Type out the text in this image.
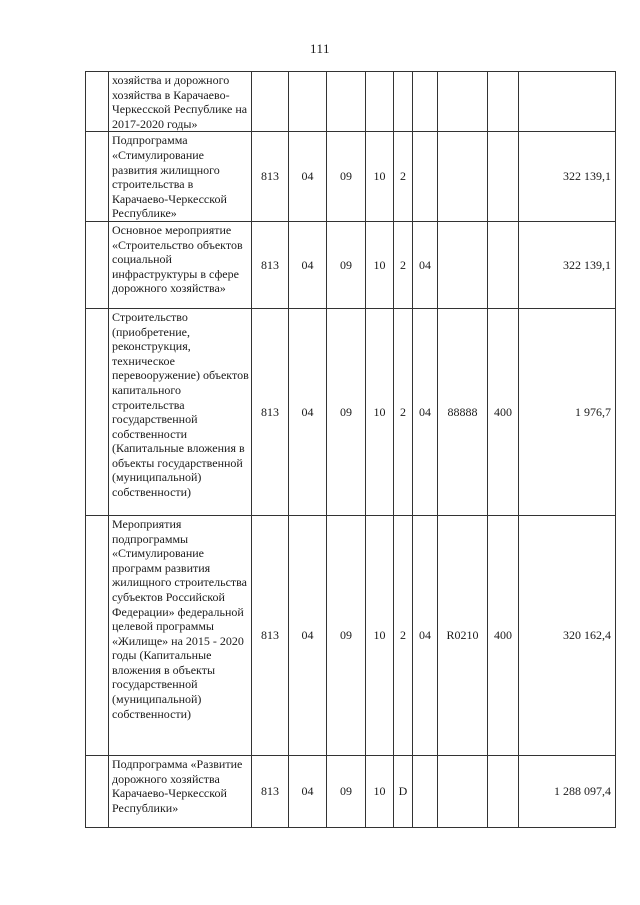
111
	хозяйства и дорожного хозяйства в Карачаево-Черкесской Республике на 2017-2020 годы»									
	Подпрограмма «Стимулирование развития жилищного строительства в Карачаево-Черкесской Республике»	813	04	09	10	2				322 139,1
	Основное мероприятие «Строительство объектов социальной инфраструктуры в сфере дорожного хозяйства»	813	04	09	10	2	04			322 139,1
	Строительство (приобретение, реконструкция, техническое перевооружение) объектов капитального строительства государственной собственности (Капитальные вложения в объекты государственной (муниципальной) собственности)	813	04	09	10	2	04	88888	400	1 976,7
	Мероприятия подпрограммы «Стимулирование программ развития жилищного строительства субъектов Российской Федерации» федеральной целевой программы «Жилище» на 2015 - 2020 годы (Капитальные вложения в объекты государственной (муниципальной) собственности)	813	04	09	10	2	04	R0210	400	320 162,4
	Подпрограмма «Развитие дорожного хозяйства Карачаево-Черкесской Республики»	813	04	09	10	D				1 288 097,4
